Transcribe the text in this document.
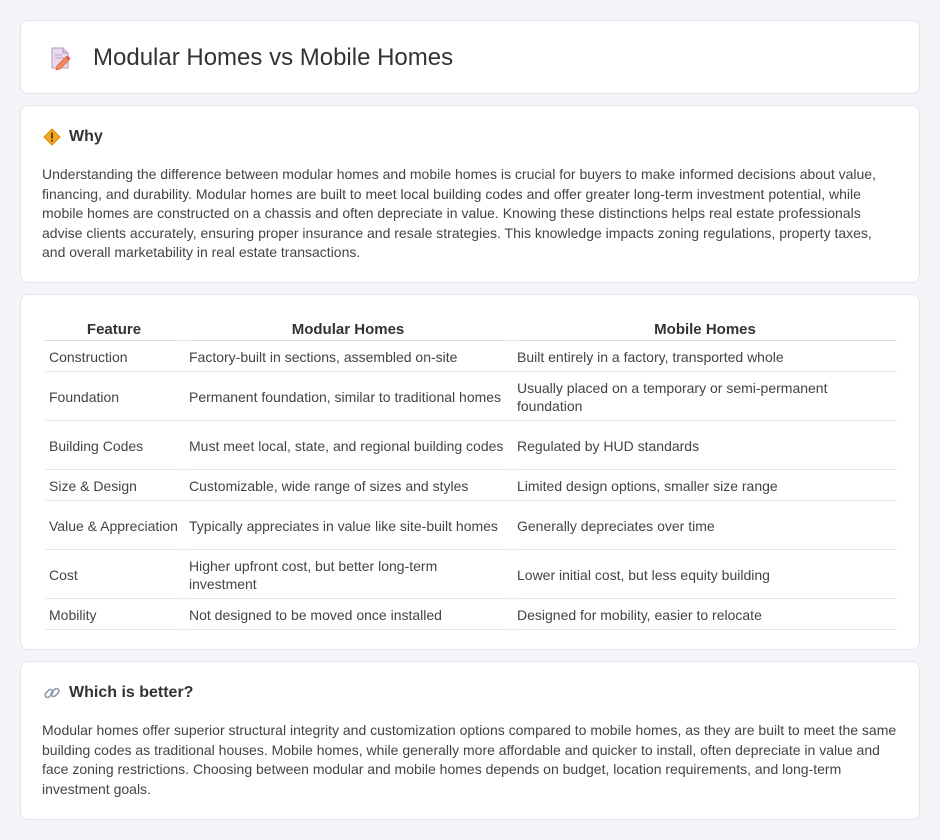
Modular Homes vs Mobile Homes
Why

Understanding the difference between modular homes and mobile homes is crucial for buyers to make informed decisions about value, financing, and durability. Modular homes are built to meet local building codes and offer greater long-term investment potential, while mobile homes are constructed on a chassis and often depreciate in value. Knowing these distinctions helps real estate professionals advise clients accurately, ensuring proper insurance and resale strategies. This knowledge impacts zoning regulations, property taxes, and overall marketability in real estate transactions.

Feature	Modular Homes	Mobile Homes
Construction	Factory-built in sections, assembled on-site	Built entirely in a factory, transported whole
Foundation	Permanent foundation, similar to traditional homes	Usually placed on a temporary or semi-permanent foundation
Building Codes	Must meet local, state, and regional building codes	Regulated by HUD standards
Size & Design	Customizable, wide range of sizes and styles	Limited design options, smaller size range
Value & Appreciation	Typically appreciates in value like site-built homes	Generally depreciates over time
Cost	Higher upfront cost, but better long-term investment	Lower initial cost, but less equity building
Mobility	Not designed to be moved once installed	Designed for mobility, easier to relocate
Which is better?

Modular homes offer superior structural integrity and customization options compared to mobile homes, as they are built to meet the same building codes as traditional houses. Mobile homes, while generally more affordable and quicker to install, often depreciate in value and face zoning restrictions. Choosing between modular and mobile homes depends on budget, location requirements, and long-term investment goals.
